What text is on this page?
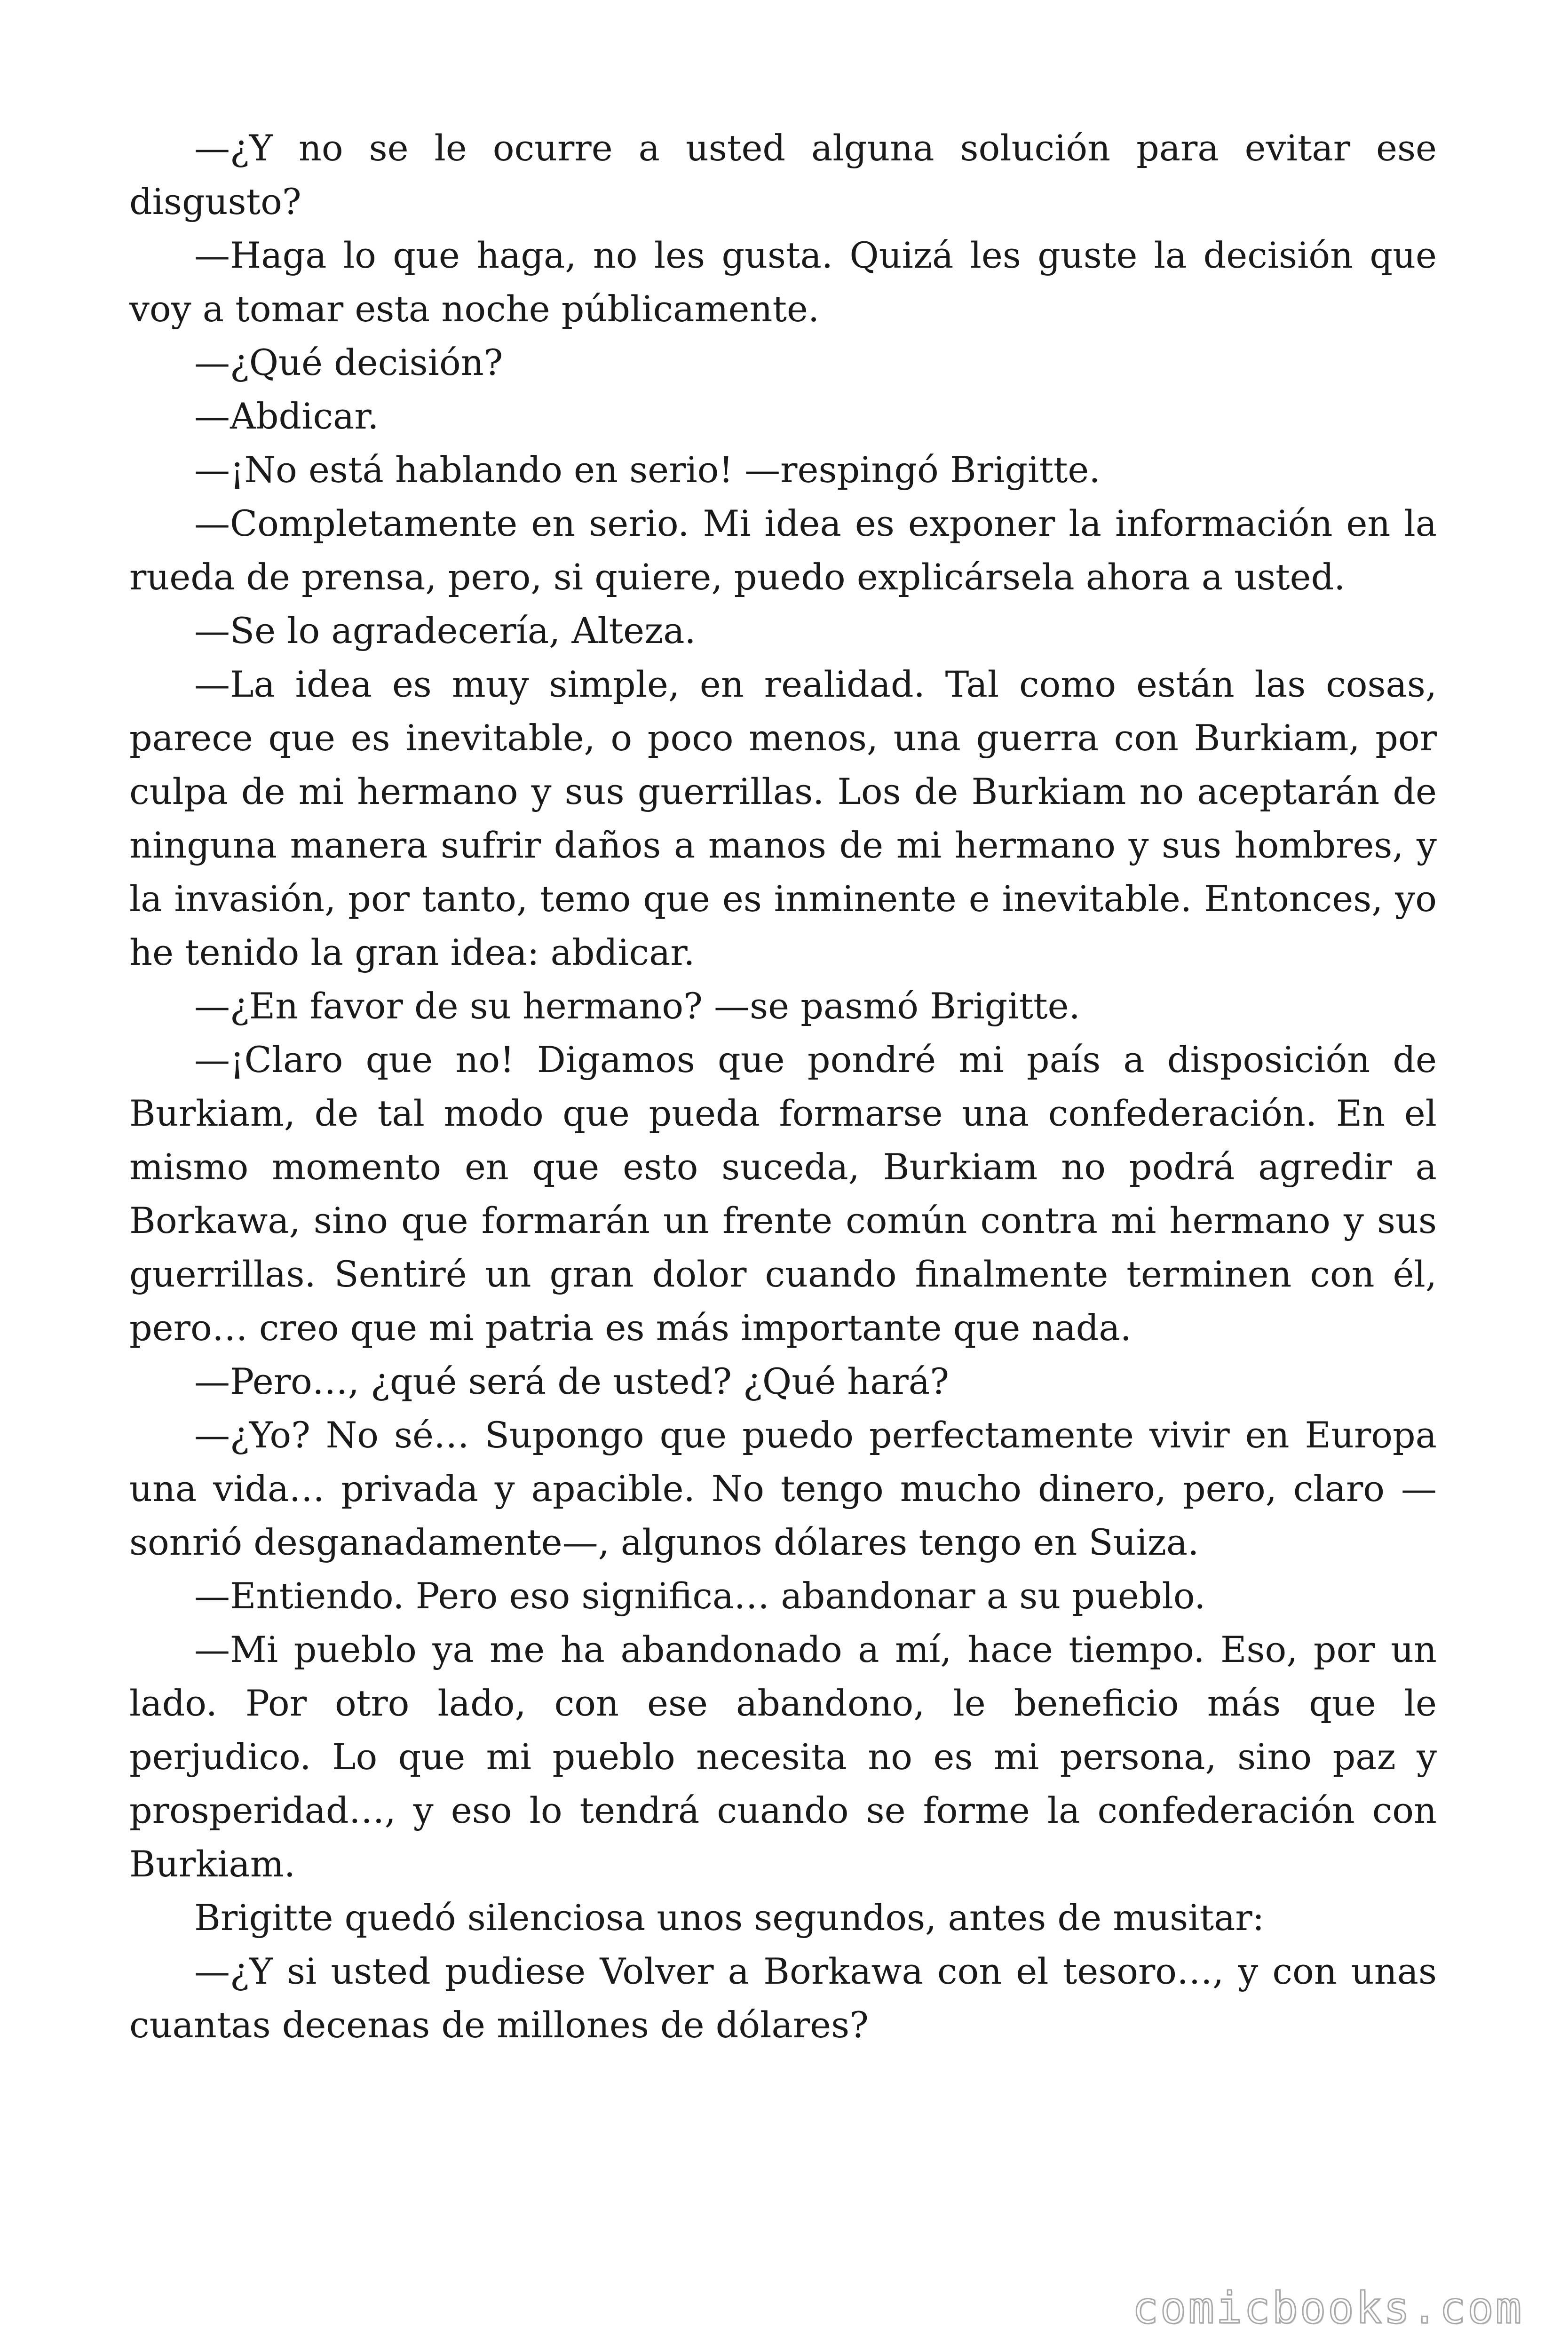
—¿Y no se le ocurre a usted alguna solución para evitar ese disgusto?

—Haga lo que haga, no les gusta. Quizá les guste la decisión que voy a tomar esta noche públicamente.

—¿Qué decisión?

—Abdicar.

—¡No está hablando en serio! —respingó Brigitte.

—Completamente en serio. Mi idea es exponer la información en la rueda de prensa, pero, si quiere, puedo explicársela ahora a usted.

—Se lo agradecería, Alteza.

—La idea es muy simple, en realidad. Tal como están las cosas, parece que es inevitable, o poco menos, una guerra con Burkiam, por culpa de mi hermano y sus guerrillas. Los de Burkiam no aceptarán de ninguna manera sufrir daños a manos de mi hermano y sus hombres, y la invasión, por tanto, temo que es inminente e inevitable. Entonces, yo he tenido la gran idea: abdicar.

—¿En favor de su hermano? —se pasmó Brigitte.

—¡Claro que no! Digamos que pondré mi país a disposición de Burkiam, de tal modo que pueda formarse una confederación. En el mismo momento en que esto suceda, Burkiam no podrá agredir a Borkawa, sino que formarán un frente común contra mi hermano y sus guerrillas. Sentiré un gran dolor cuando finalmente terminen con él, pero… creo que mi patria es más importante que nada.

—Pero…, ¿qué será de usted? ¿Qué hará?

—¿Yo? No sé… Supongo que puedo perfectamente vivir en Europa una vida… privada y apacible. No tengo mucho dinero, pero, claro —sonrió desganadamente—, algunos dólares tengo en Suiza.

—Entiendo. Pero eso significa… abandonar a su pueblo.

—Mi pueblo ya me ha abandonado a mí, hace tiempo. Eso, por un lado. Por otro lado, con ese abandono, le beneficio más que le perjudico. Lo que mi pueblo necesita no es mi persona, sino paz y prosperidad…, y eso lo tendrá cuando se forme la confederación con Burkiam.

Brigitte quedó silenciosa unos segundos, antes de musitar:

—¿Y si usted pudiese Volver a Borkawa con el tesoro…, y con unas cuantas decenas de millones de dólares?

comicbooks.com
